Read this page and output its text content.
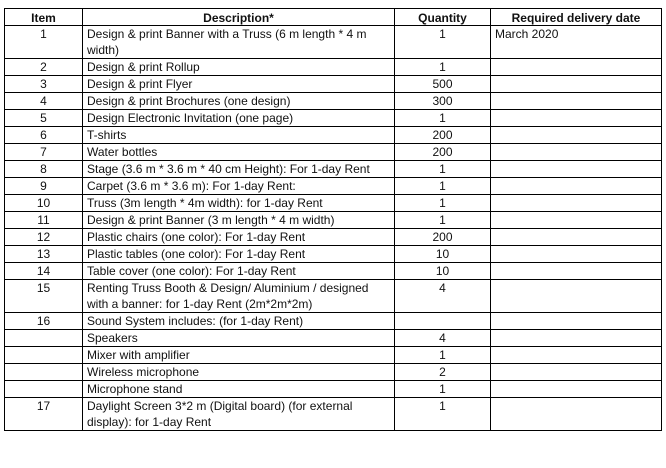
Item	Description*	Quantity	Required delivery date
1	Design & print Banner with a Truss (6 m length * 4 m width)	1	March 2020
2	Design & print Rollup	1	
3	Design & print Flyer	500	
4	Design & print Brochures (one design)	300	
5	Design Electronic Invitation (one page)	1	
6	T-shirts	200	
7	Water bottles	200	
8	Stage (3.6 m * 3.6 m * 40 cm Height): For 1-day Rent	1	
9	Carpet (3.6 m * 3.6 m): For 1-day Rent:	1	
10	Truss (3m length * 4m width): for 1-day Rent	1	
11	Design & print Banner (3 m length * 4 m width)	1	
12	Plastic chairs (one color): For 1-day Rent	200	
13	Plastic tables (one color): For 1-day Rent	10	
14	Table cover (one color): For 1-day Rent	10	
15	Renting Truss Booth & Design/ Aluminium / designed with a banner: for 1-day Rent (2m*2m*2m)	4	
16	Sound System includes: (for 1-day Rent)		
	Speakers	4	
	Mixer with amplifier	1	
	Wireless microphone	2	
	Microphone stand	1	
17	Daylight Screen 3*2 m (Digital board) (for external display): for 1-day Rent	1	
